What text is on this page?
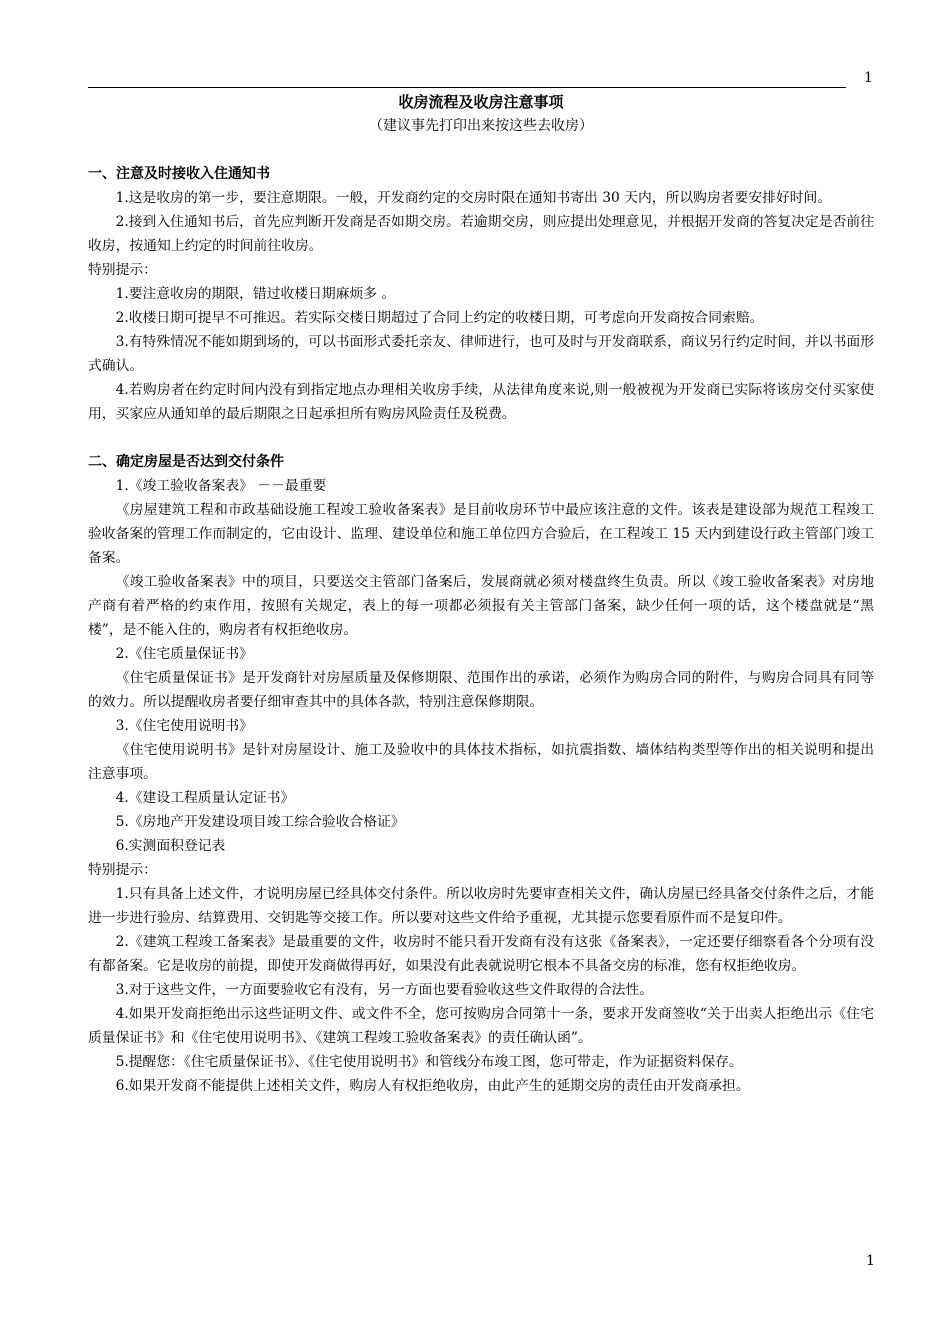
1

收房流程及收房注意事项

（建议事先打印出来按这些去收房）

一、注意及时接收入住通知书

1.这是收房的第一步，要注意期限。一般，开发商约定的交房时限在通知书寄出 30 天内，所以购房者要安排好时间。

2.接到入住通知书后，首先应判断开发商是否如期交房。若逾期交房，则应提出处理意见，并根据开发商的答复决定是否前往收房，按通知上约定的时间前往收房。

特别提示：

1.要注意收房的期限，错过收楼日期麻烦多 。

2.收楼日期可提早不可推迟。若实际交楼日期超过了合同上约定的收楼日期，可考虑向开发商按合同索赔。

3.有特殊情况不能如期到场的，可以书面形式委托亲友、律师进行，也可及时与开发商联系，商议另行约定时间，并以书面形式确认。

4.若购房者在约定时间内没有到指定地点办理相关收房手续，从法律角度来说,则一般被视为开发商已实际将该房交付买家使用，买家应从通知单的最后期限之日起承担所有购房风险责任及税费。

二、确定房屋是否达到交付条件

1.《竣工验收备案表》 －－最重要

《房屋建筑工程和市政基础设施工程竣工验收备案表》是目前收房环节中最应该注意的文件。该表是建设部为规范工程竣工验收备案的管理工作而制定的，它由设计、监理、建设单位和施工单位四方合验后，在工程竣工 15 天内到建设行政主管部门竣工备案。

《竣工验收备案表》中的项目，只要送交主管部门备案后，发展商就必须对楼盘终生负责。所以《竣工验收备案表》对房地产商有着严格的约束作用，按照有关规定，表上的每一项都必须报有关主管部门备案，缺少任何一项的话，这个楼盘就是“黑楼”，是不能入住的，购房者有权拒绝收房。

2.《住宅质量保证书》

《住宅质量保证书》是开发商针对房屋质量及保修期限、范围作出的承诺，必须作为购房合同的附件，与购房合同具有同等的效力。所以提醒收房者要仔细审查其中的具体各款，特别注意保修期限。

3.《住宅使用说明书》

《住宅使用说明书》是针对房屋设计、施工及验收中的具体技术指标，如抗震指数、墙体结构类型等作出的相关说明和提出注意事项。

4.《建设工程质量认定证书》

5.《房地产开发建设项目竣工综合验收合格证》

6.实测面积登记表

特别提示：

1.只有具备上述文件，才说明房屋已经具体交付条件。所以收房时先要审查相关文件，确认房屋已经具备交付条件之后，才能进一步进行验房、结算费用、交钥匙等交接工作。所以要对这些文件给予重视，尤其提示您要看原件而不是复印件。

2.《建筑工程竣工备案表》是最重要的文件，收房时不能只看开发商有没有这张《备案表》，一定还要仔细察看各个分项有没有都备案。它是收房的前提，即使开发商做得再好，如果没有此表就说明它根本不具备交房的标准，您有权拒绝收房。

3.对于这些文件，一方面要验收它有没有，另一方面也要看验收这些文件取得的合法性。

4.如果开发商拒绝出示这些证明文件、或文件不全，您可按购房合同第十一条，要求开发商签收“关于出卖人拒绝出示《住宅质量保证书》和《住宅使用说明书》、《建筑工程竣工验收备案表》的责任确认函”。

5.提醒您：《住宅质量保证书》、《住宅使用说明书》和管线分布竣工图，您可带走，作为证据资料保存。

6.如果开发商不能提供上述相关文件，购房人有权拒绝收房，由此产生的延期交房的责任由开发商承担。

1
